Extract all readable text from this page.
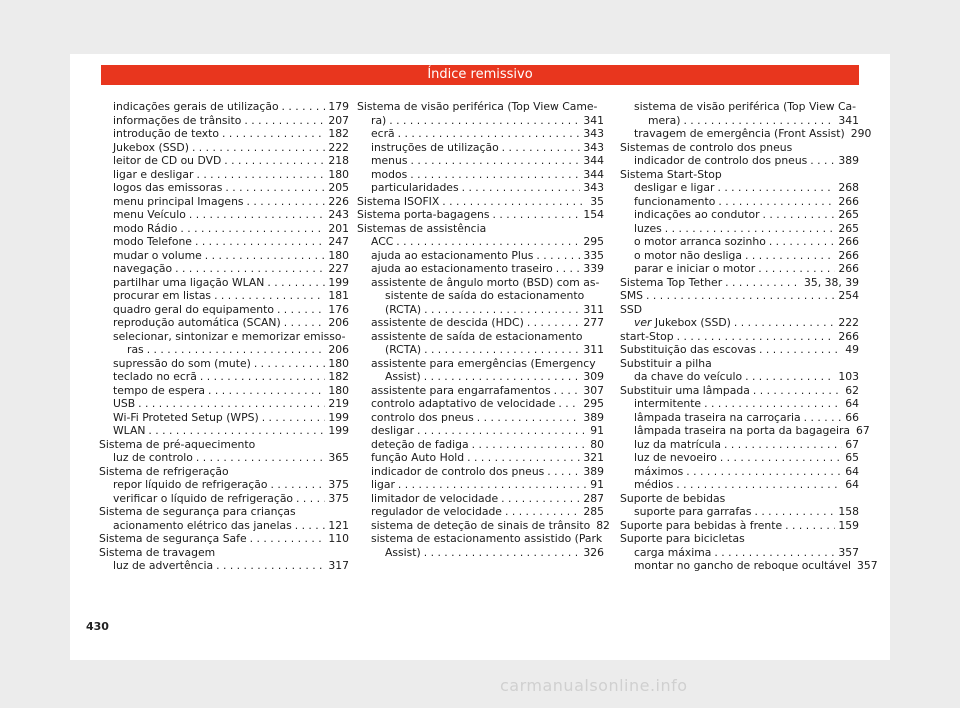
Índice remissivo
indicações gerais de utilização . . .	179
informações de trânsito . . .	207
introdução de texto . . .	182
Jukebox (SSD) . . .	222
leitor de CD ou DVD . . .	218
ligar e desligar . . .	180
logos das emissoras . . .	205
menu principal Imagens . . .	226
menu Veículo . . .	243
modo Rádio . . .	201
modo Telefone . . .	247
mudar o volume . . .	180
navegação . . .	227
partilhar uma ligação WLAN . . .	199
procurar em listas . . .	181
quadro geral do equipamento . . .	176
reprodução automática (SCAN) . . .	206
selecionar, sintonizar e memorizar emisso-
ras . . .	206
supressão do som (mute) . . .	180
teclado no ecrã . . .	182
tempo de espera . . .	180
USB . . .	219
Wi-Fi Proteted Setup (WPS) . . .	199
WLAN . . .	199
Sistema de pré-aquecimento
luz de controlo . . .	365
Sistema de refrigeração
repor líquido de refrigeração . . .	375
verificar o líquido de refrigeração . . .	375
Sistema de segurança para crianças
acionamento elétrico das janelas . . .	121
Sistema de segurança Safe . . .	110
Sistema de travagem
luz de advertência . . .	317
Sistema de visão periférica (Top View Came-
ra) . . .	341
ecrã . . .	343
instruções de utilização . . .	343
menus . . .	344
modos . . .	344
particularidades . . .	343
Sistema ISOFIX . . .	35
Sistema porta-bagagens . . .	154
Sistemas de assistência
ACC . . .	295
ajuda ao estacionamento Plus . . .	335
ajuda ao estacionamento traseiro . . .	339
assistente de ângulo morto (BSD) com as-
sistente de saída do estacionamento
(RCTA) . . .	311
assistente de descida (HDC) . . .	277
assistente de saída de estacionamento
(RCTA) . . .	311
assistente para emergências (Emergency
Assist) . . .	309
assistente para engarrafamentos . . .	307
controlo adaptativo de velocidade . . .	295
controlo dos pneus . . .	389
desligar . . .	91
deteção de fadiga . . .	80
função Auto Hold . . .	321
indicador de controlo dos pneus . . .	389
ligar . . .	91
limitador de velocidade . . .	287
regulador de velocidade . . .	285
sistema de deteção de sinais de trânsito 82
sistema de estacionamento assistido (Park
Assist) . . .	326
sistema de visão periférica (Top View Ca-
mera) . . .	341
travagem de emergência (Front Assist) 290
Sistemas de controlo dos pneus
indicador de controlo dos pneus . . .	389
Sistema Start-Stop
desligar e ligar . . .	268
funcionamento . . .	266
indicações ao condutor . . .	265
luzes . . .	265
o motor arranca sozinho . . .	266
o motor não desliga . . .	266
parar e iniciar o motor . . .	266
Sistema Top Tether . . .	35, 38, 39
SMS . . .	254
SSD
ver Jukebox (SSD) . . .	222
start-Stop . . .	266
Substituição das escovas . . .	49
Substituir a pilha
da chave do veículo . . .	103
Substituir uma lâmpada . . .	62
intermitente . . .	64
lâmpada traseira na carroçaria . . .	66
lâmpada traseira na porta da bagageira 67
luz da matrícula . . .	67
luz de nevoeiro . . .	65
máximos . . .	64
médios . . .	64
Suporte de bebidas
suporte para garrafas . . .	158
Suporte para bebidas à frente . . .	159
Suporte para bicicletas
carga máxima . . .	357
montar no gancho de reboque ocultável 357
430
carmanualsonline.info
